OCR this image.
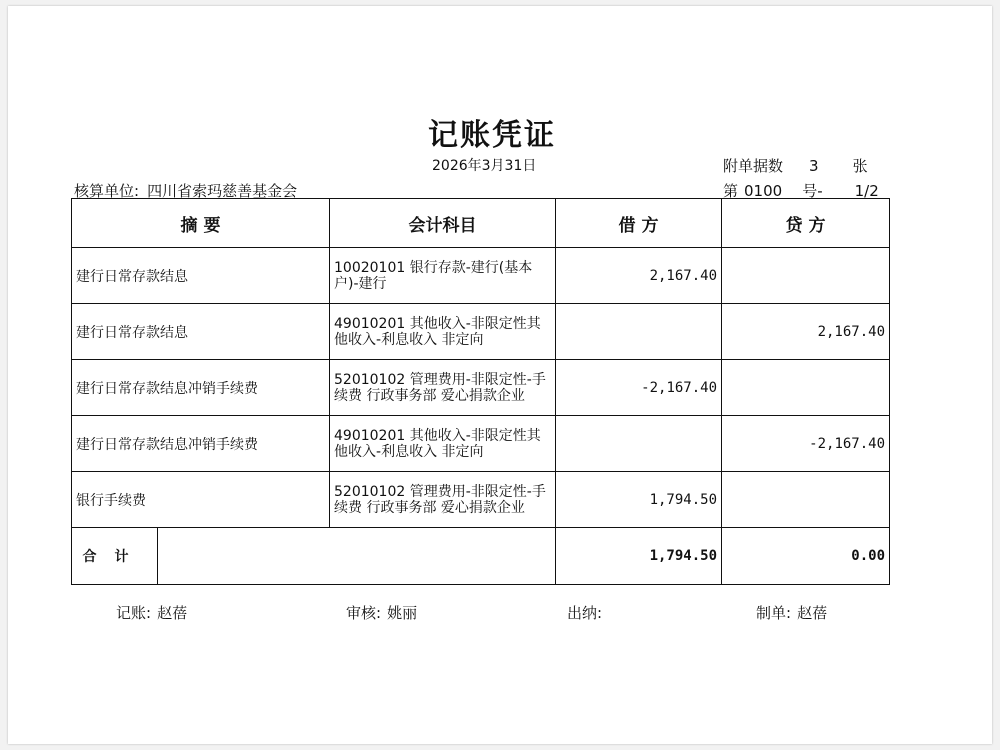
记账凭证
2026年3月31日	附单据数 3 张
核算单位: 四川省索玛慈善基金会	第 0100 号- 1/2
摘 要		会计科目	借 方	贷 方
建行日常存款结息		10020101 银行存款-建行(基本户)-建行	2,167.40	
建行日常存款结息		49010201 其他收入-非限定性其他收入-利息收入 非定向		2,167.40
建行日常存款结息冲销手续费		52010102 管理费用-非限定性-手续费 行政事务部 爱心捐款企业	-2,167.40	
建行日常存款结息冲销手续费		49010201 其他收入-非限定性其他收入-利息收入 非定向		-2,167.40
银行手续费		52010102 管理费用-非限定性-手续费 行政事务部 爱心捐款企业	1,794.50	
合计			1,794.50	0.00
记账: 赵蓓	审核: 姚丽	出纳:	制单: 赵蓓
